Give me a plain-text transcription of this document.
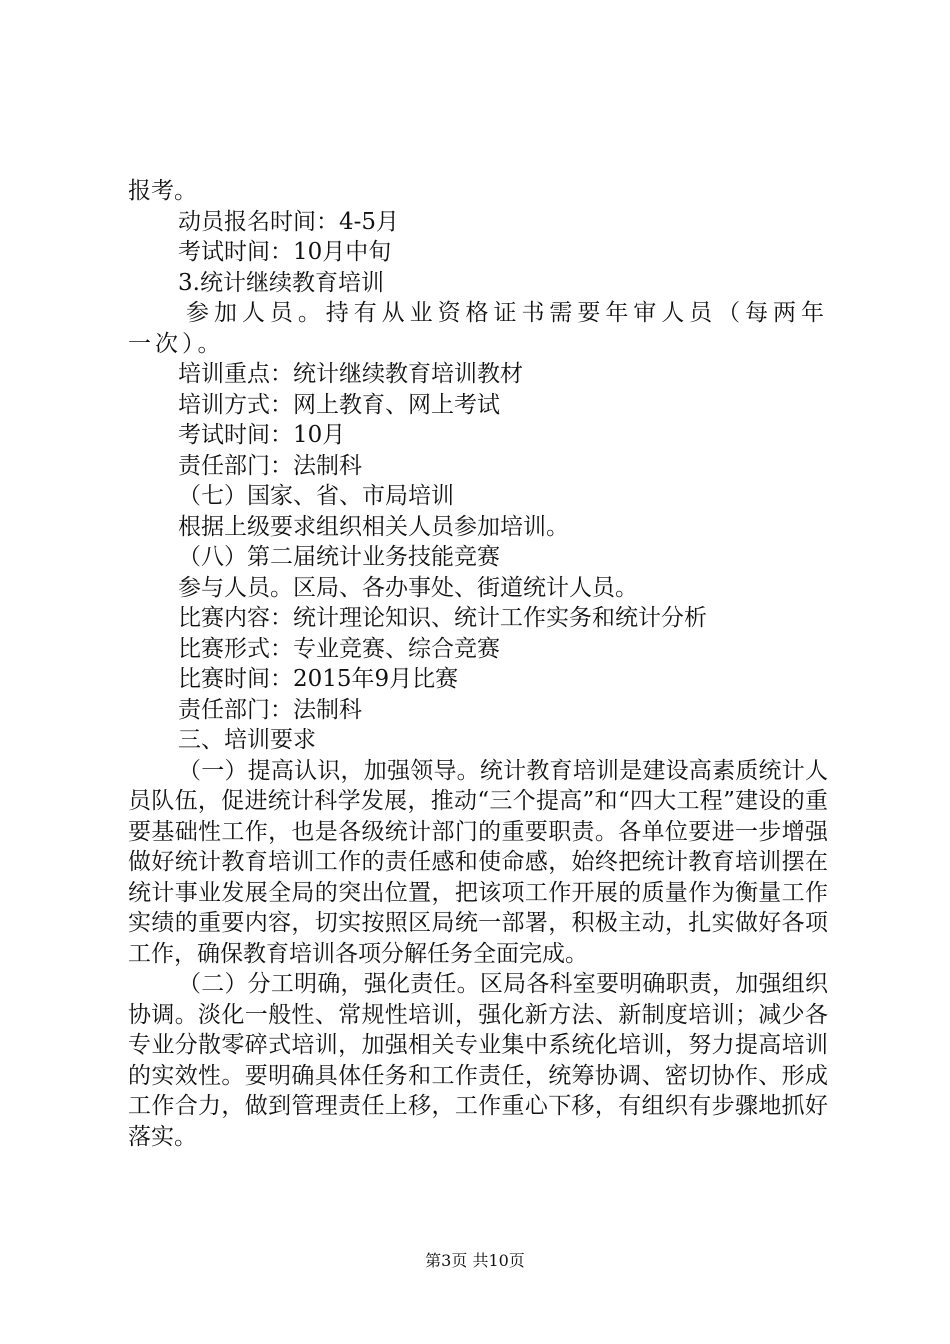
报考。
动员报名时间：4-5月
考试时间：10月中旬
3.统计继续教育培训
参加人员。持有从业资格证书需要年审人员（每两年一次）。
培训重点：统计继续教育培训教材
培训方式：网上教育、网上考试
考试时间：10月
责任部门：法制科
（七）国家、省、市局培训
根据上级要求组织相关人员参加培训。
（八）第二届统计业务技能竞赛
参与人员。区局、各办事处、街道统计人员。
比赛内容：统计理论知识、统计工作实务和统计分析
比赛形式：专业竞赛、综合竞赛
比赛时间：2015年9月比赛
责任部门：法制科
三、培训要求
（一）提高认识，加强领导。统计教育培训是建设高素质统计人员队伍，促进统计科学发展，推动“三个提高”和“四大工程”建设的重要基础性工作，也是各级统计部门的重要职责。各单位要进一步增强做好统计教育培训工作的责任感和使命感，始终把统计教育培训摆在统计事业发展全局的突出位置，把该项工作开展的质量作为衡量工作实绩的重要内容，切实按照区局统一部署，积极主动，扎实做好各项工作，确保教育培训各项分解任务全面完成。
（二）分工明确，强化责任。区局各科室要明确职责，加强组织协调。淡化一般性、常规性培训，强化新方法、新制度培训；减少各专业分散零碎式培训，加强相关专业集中系统化培训，努力提高培训的实效性。要明确具体任务和工作责任，统筹协调、密切协作、形成工作合力，做到管理责任上移，工作重心下移，有组织有步骤地抓好落实。
第3页 共10页
